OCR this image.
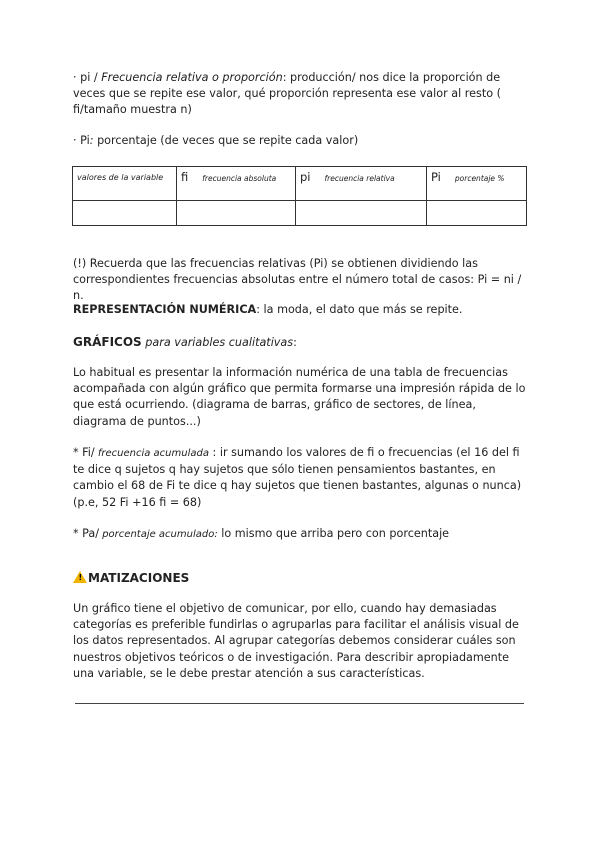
· pi / Frecuencia relativa o proporción: producción/ nos dice la proporción de veces que se repite ese valor, qué proporción representa ese valor al resto ( fi/tamaño muestra n)

· Pi: porcentaje (de veces que se repite cada valor)

valores de la variable	fi frecuencia absoluta	pi frecuencia relativa	Pi porcentaje %

(!) Recuerda que las frecuencias relativas (Pi) se obtienen dividiendo las correspondientes frecuencias absolutas entre el número total de casos: Pi = ni / n.

REPRESENTACIÓN NUMÉRICA: la moda, el dato que más se repite.

GRÁFICOS para variables cualitativas:

Lo habitual es presentar la información numérica de una tabla de frecuencias acompañada con algún gráfico que permita formarse una impresión rápida de lo que está ocurriendo. (diagrama de barras, gráfico de sectores, de línea, diagrama de puntos...)

* Fi/ frecuencia acumulada : ir sumando los valores de fi o frecuencias (el 16 del fi te dice q sujetos q hay sujetos que sólo tienen pensamientos bastantes, en cambio el 68 de Fi te dice q hay sujetos que tienen bastantes, algunas o nunca) (p.e, 52 Fi +16 fi = 68)

* Pa/ porcentaje acumulado: lo mismo que arriba pero con porcentaje

! MATIZACIONES

Un gráfico tiene el objetivo de comunicar, por ello, cuando hay demasiadas categorías es preferible fundirlas o agruparlas para facilitar el análisis visual de los datos representados. Al agrupar categorías debemos considerar cuáles son nuestros objetivos teóricos o de investigación. Para describir apropiadamente una variable, se le debe prestar atención a sus características.
